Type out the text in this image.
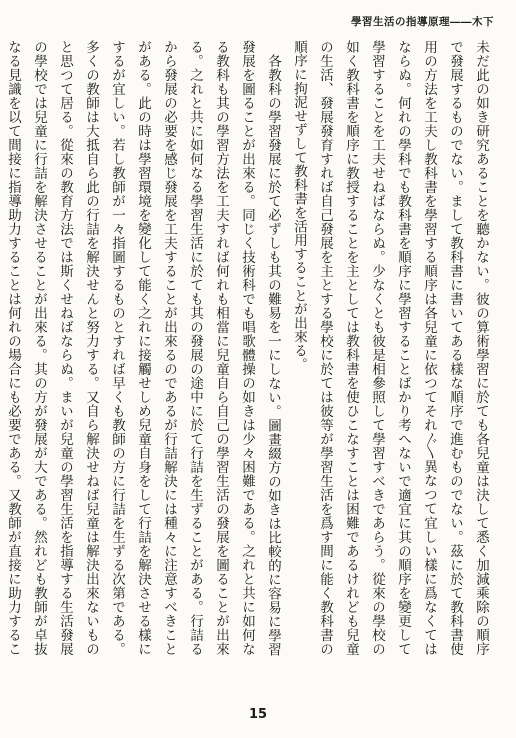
學習生活の指導原理――木下

未だ此の如き研究あることを聽かない。彼の算術學習に於ても各兒童は決して悉く加減乘除の順序で發展するものでない。まして教科書に書いてある樣な順序で進むものでない。茲に於て教科書使用の方法を工夫し教科書を學習する順序は各兒童に依つてそれ〴〵異なつて宜しい樣に爲なくてはならぬ。何れの學科でも教科書を順序に學習することばかり考へないで適宜に其の順序を變更して學習することを工夫せねばならぬ。少なくとも彼是相參照して學習すべきであらう。從來の學校の如く教科書を順序に教授することを主としては教科書を使ひこなすことは困難であるけれども兒童の生活、發展發育すれば自己發展を主とする學校に於ては彼等が學習生活を爲す間に能く教科書の順序に拘泥せずして教科書を活用することが出來る。

各教科の學習發展に於て必ずしも其の難易を一にしない。圖畫綴方の如きは比較的に容易に學習發展を圖ることが出來る。同じく技術科でも唱歌體操の如きは少々困難である。之れと共に如何なる教科も其の學習方法を工夫すれば何れも相當に兒童自ら自己の學習生活の發展を圖ることが出來る。之れと共に如何なる學習生活に於ても其の發展の途中に於て行詰を生ずることがある。行詰るから發展の必要を感じ發展を工夫することが出來るのであるが行詰解決には種々に注意すべきことがある。此の時は學習環境を變化して能く之れに接觸せしめ兒童自身をして行詰を解決させる樣にするが宜しい。若し教師が一々指圖するものとすれば早くも教師の方に行詰を生ずる次第である。多くの教師は大抵自ら此の行詰を解決せんと努力する。又自ら解決せねば兒童は解決出來ないものと思つて居る。從來の教育方法では斯くせねばならぬ。まいが兒童の學習生活を指導する生活發展の學校では兒童に行詰を解決させることが出來る。其の方が發展が大である。然れども教師が卓抜なる見識を以て間接に指導助力することは何れの場合にも必要である。又教師が直接に助力するこ

15
